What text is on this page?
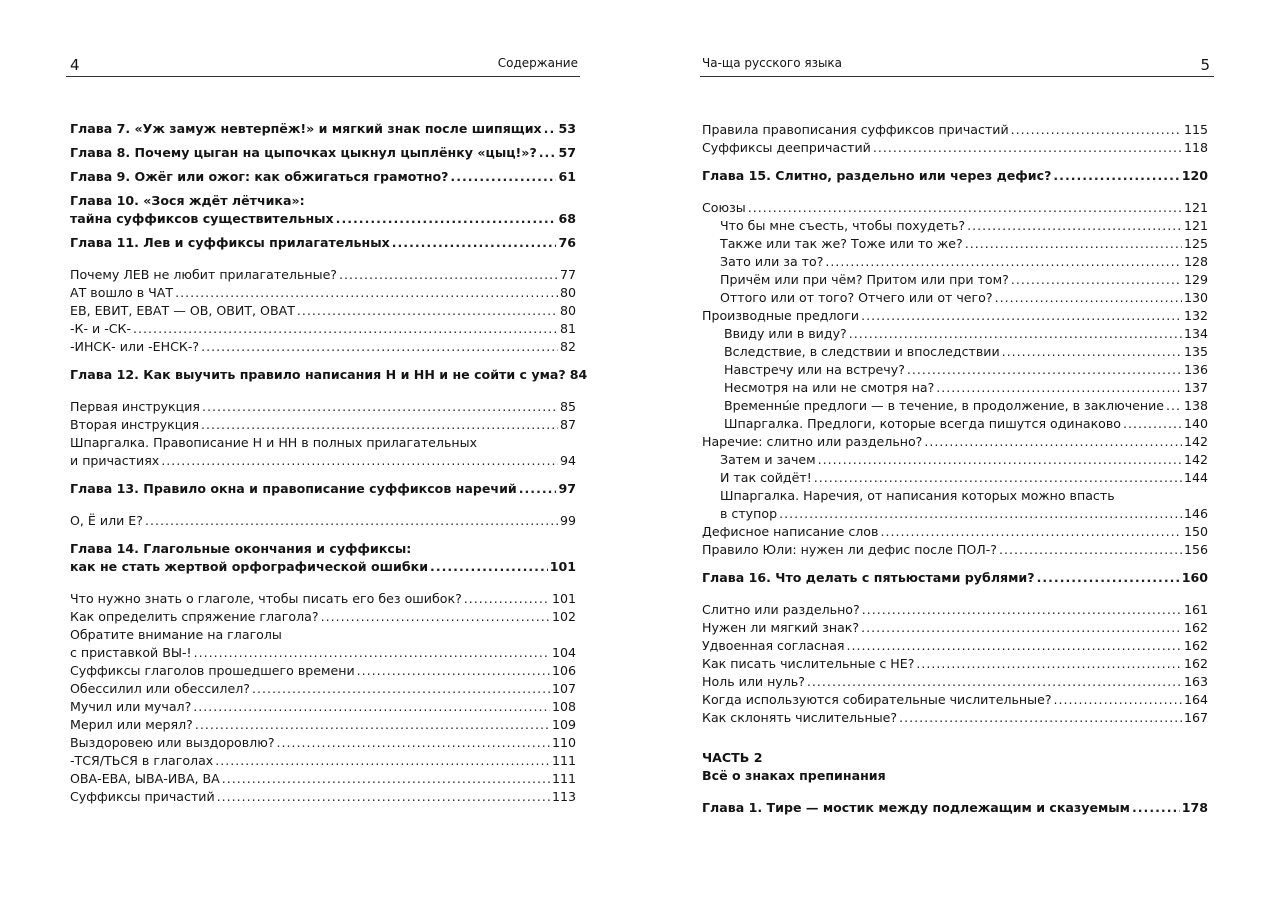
4	Содержание
Глава 7. «Уж замуж невтерпёж!» и мягкий знак после шипящих ..... 53
Глава 8. Почему цыган на цыпочках цыкнул цыплёнку «цыц!»? ..... 57
Глава 9. Ожёг или ожог: как обжигаться грамотно? .....	61
Глава 10. «Зося ждёт лётчика»:
тайна суффиксов существительных .....	68
Глава 11. Лев и суффиксы прилагательных .....	76
Почему ЛЕВ не любит прилагательные? .....	77
АТ вошло в ЧАТ .....	80
ЕВ, ЕВИТ, ЕВАТ — ОВ, ОВИТ, ОВАТ .....	80
-К- и -СК- .....	81
-ИНСК- или -ЕНСК-? .....	82
Глава 12. Как выучить правило написания Н и НН и не сойти с ума? 84
Первая инструкция .....	85
Вторая инструкция .....	87
Шпаргалка. Правописание Н и НН в полных прилагательных
и причастиях .....	94
Глава 13. Правило окна и правописание суффиксов наречий .....	97
О, Ё или Е? .....	99
Глава 14. Глагольные окончания и суффиксы:
как не стать жертвой орфографической ошибки .....	101
Что нужно знать о глаголе, чтобы писать его без ошибок? .....	101
Как определить спряжение глагола? .....	102
Обратите внимание на глаголы
с приставкой ВЫ-! .....	104
Суффиксы глаголов прошедшего времени .....	106
Обессилил или обессилел? .....	107
Мучил или мучал? .....	108
Мерил или мерял? .....	109
Выздоровею или выздоровлю? .....	110
-ТСЯ/ТЬСЯ в глаголах .....	111
ОВА-ЕВА, ЫВА-ИВА, ВА .....	111
Суффиксы причастий .....	113
Ча-ща русского языка	5
Правила правописания суффиксов причастий .....	115
Суффиксы деепричастий .....	118
Глава 15. Слитно, раздельно или через дефис? .....	120
Союзы .....	121
Что бы мне съесть, чтобы похудеть? .....	121
Также или так же? Тоже или то же? .....	125
Зато или за то? .....	128
Причём или при чём? Притом или при том? .....	129
Оттого или от того? Отчего или от чего? .....	130
Производные предлоги .....	132
Ввиду или в виду? .....	134
Вследствие, в следствии и впоследствии .....	135
Навстречу или на встречу? .....	136
Несмотря на или не смотря на? .....	137
Временны́е предлоги — в течение, в продолжение, в заключение ..... 138
Шпаргалка. Предлоги, которые всегда пишутся одинаково .....	140
Наречие: слитно или раздельно? .....	142
Затем и зачем .....	142
И так сойдёт! .....	144
Шпаргалка. Наречия, от написания которых можно впасть
в ступор .....	146
Дефисное написание слов .....	150
Правило Юли: нужен ли дефис после ПОЛ-? .....	156
Глава 16. Что делать с пятьюстами рублями? .....	160
Слитно или раздельно? .....	161
Нужен ли мягкий знак? .....	162
Удвоенная согласная .....	162
Как писать числительные с НЕ? .....	162
Ноль или нуль? .....	163
Когда используются собирательные числительные? .....	164
Как склонять числительные? .....	167
ЧАСТЬ 2
Всё о знаках препинания
Глава 1. Тире — мостик между подлежащим и сказуемым .....	178
